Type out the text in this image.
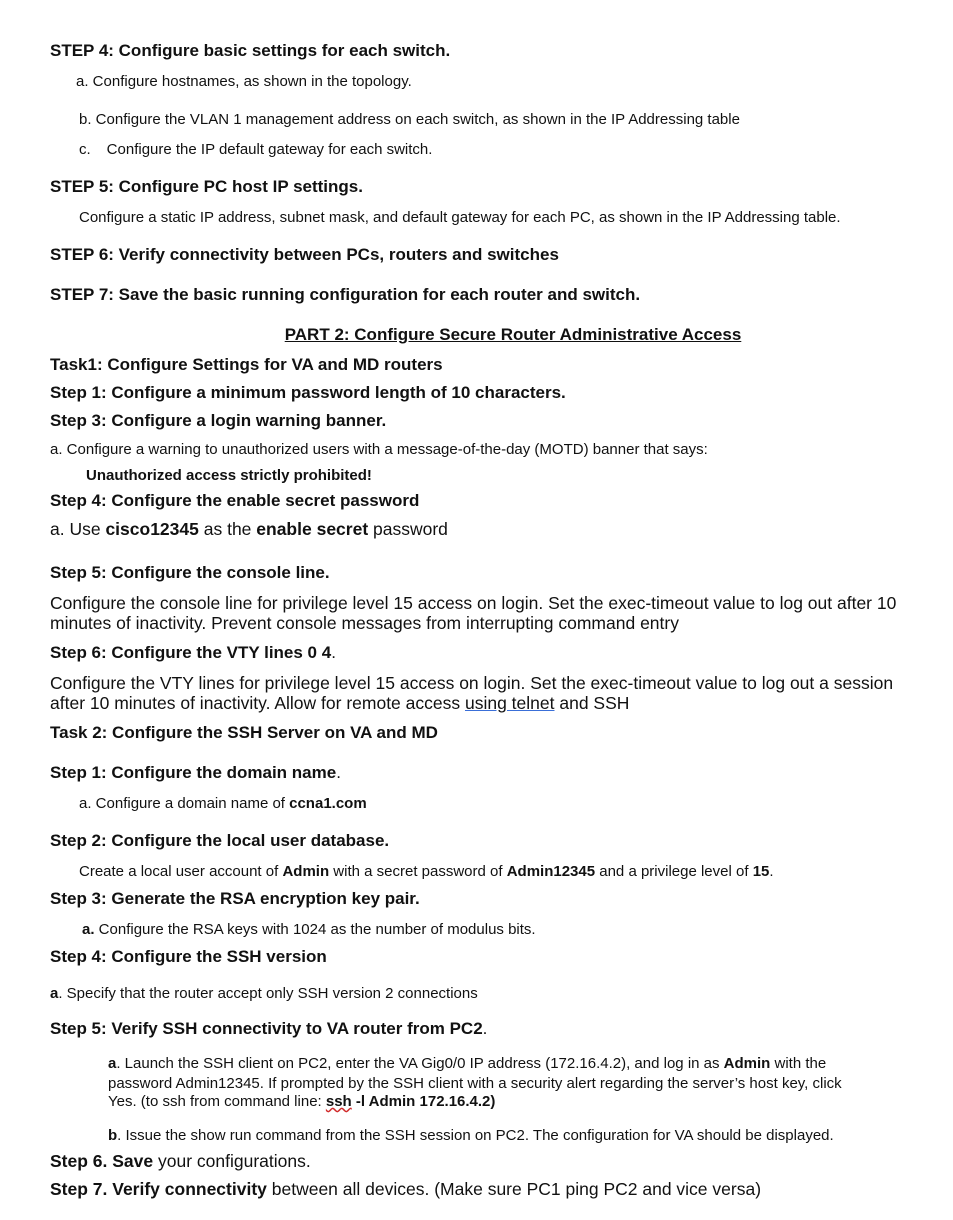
STEP 4: Configure basic settings for each switch.
a. Configure hostnames, as shown in the topology.
b. Configure the VLAN 1 management address on each switch, as shown in the IP Addressing table
c. Configure the IP default gateway for each switch.
STEP 5: Configure PC host IP settings.
Configure a static IP address, subnet mask, and default gateway for each PC, as shown in the IP Addressing table.
STEP 6: Verify connectivity between PCs, routers and switches
STEP 7: Save the basic running configuration for each router and switch.
PART 2: Configure Secure Router Administrative Access
Task1: Configure Settings for VA and MD routers
Step 1: Configure a minimum password length of 10 characters.
Step 3: Configure a login warning banner.
a. Configure a warning to unauthorized users with a message-of-the-day (MOTD) banner that says:
Unauthorized access strictly prohibited!
Step 4: Configure the enable secret password
a. Use cisco12345 as the enable secret password
Step 5: Configure the console line.
Configure the console line for privilege level 15 access on login. Set the exec-timeout value to log out after 10
minutes of inactivity. Prevent console messages from interrupting command entry
Step 6: Configure the VTY lines 0 4.
Configure the VTY lines for privilege level 15 access on login. Set the exec-timeout value to log out a session
after 10 minutes of inactivity. Allow for remote access using telnet and SSH
Task 2: Configure the SSH Server on VA and MD
Step 1: Configure the domain name.
a. Configure a domain name of ccna1.com
Step 2: Configure the local user database.
Create a local user account of Admin with a secret password of Admin12345 and a privilege level of 15.
Step 3: Generate the RSA encryption key pair.
a. Configure the RSA keys with 1024 as the number of modulus bits.
Step 4: Configure the SSH version
a. Specify that the router accept only SSH version 2 connections
Step 5: Verify SSH connectivity to VA router from PC2.
a. Launch the SSH client on PC2, enter the VA Gig0/0 IP address (172.16.4.2), and log in as Admin with the
password Admin12345. If prompted by the SSH client with a security alert regarding the server’s host key, click
Yes. (to ssh from command line: ssh -l Admin 172.16.4.2)
b. Issue the show run command from the SSH session on PC2. The configuration for VA should be displayed.
Step 6. Save your configurations.
Step 7. Verify connectivity between all devices. (Make sure PC1 ping PC2 and vice versa)
